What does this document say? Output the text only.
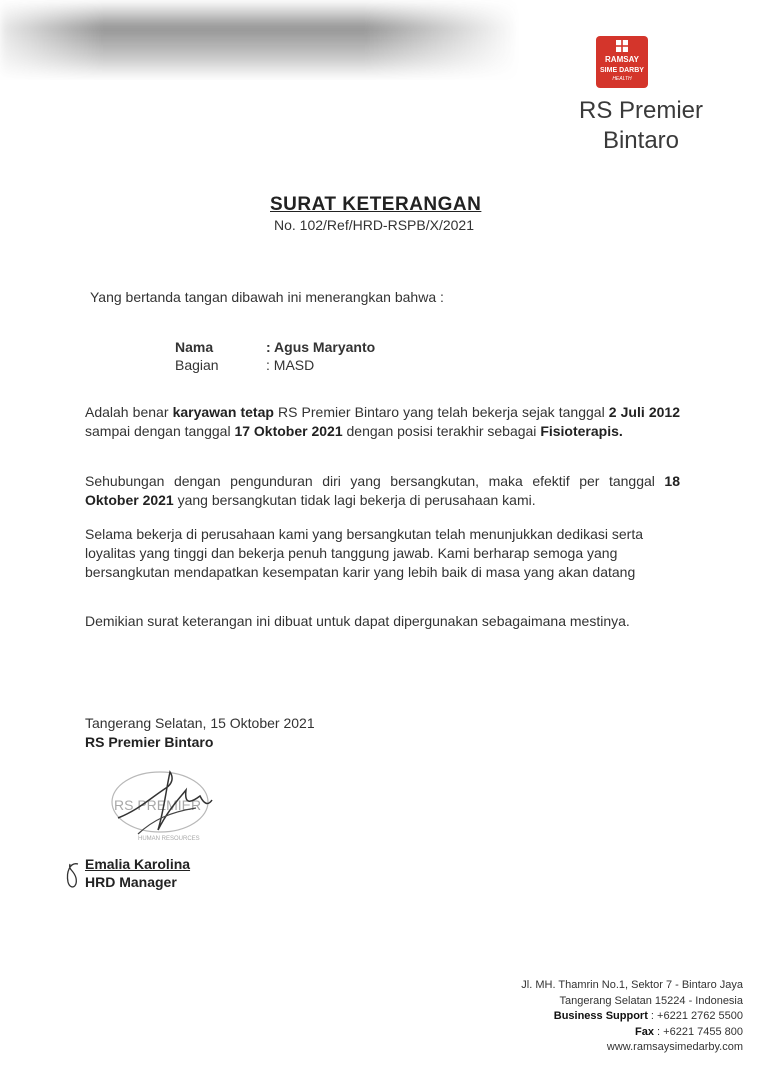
RAMSAY
SIME DARBY
HEALTH
RS Premier Bintaro
SURAT KETERANGAN
No. 102/Ref/HRD-RSPB/X/2021
Yang bertanda tangan dibawah ini menerangkan bahwa :
Nama	: Agus Maryanto
Bagian	: MASD
Adalah benar karyawan tetap RS Premier Bintaro yang telah bekerja sejak tanggal 2 Juli 2012 sampai dengan tanggal 17 Oktober 2021 dengan posisi terakhir sebagai Fisioterapis.
Sehubungan dengan pengunduran diri yang bersangkutan, maka efektif per tanggal 18 Oktober 2021 yang bersangkutan tidak lagi bekerja di perusahaan kami.
Selama bekerja di perusahaan kami yang bersangkutan telah menunjukkan dedikasi serta loyalitas yang tinggi dan bekerja penuh tanggung jawab. Kami berharap semoga yang bersangkutan mendapatkan kesempatan karir yang lebih baik di masa yang akan datang
Demikian surat keterangan ini dibuat untuk dapat dipergunakan sebagaimana mestinya.
Tangerang Selatan, 15 Oktober 2021
RS Premier Bintaro
RS PREMIER
HUMAN RESOURCES
Emalia Karolina
HRD Manager
Jl. MH. Thamrin No.1, Sektor 7 - Bintaro Jaya
Tangerang Selatan 15224 - Indonesia
Business Support : +6221 2762 5500
Fax : +6221 7455 800
www.ramsaysimedarby.com
